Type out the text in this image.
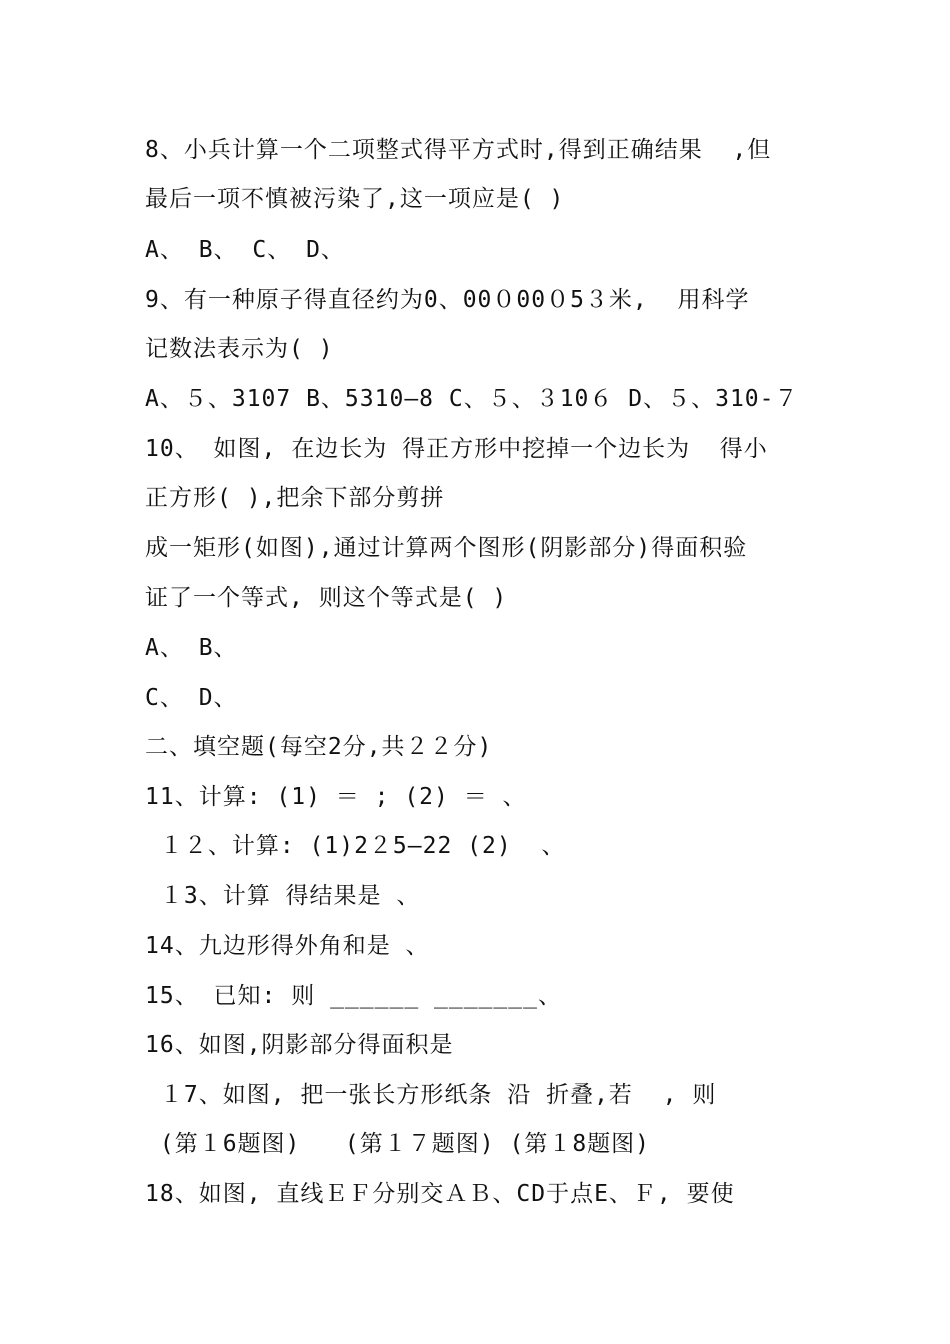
8、小兵计算一个二项整式得平方式时,得到正确结果  ,但
最后一项不慎被污染了,这一项应是( )
A、 B、 C、 D、
9、有一种原子得直径约为0、00０00０5３米,  用科学
记数法表示为( )
A、５、3107 B、5310—8 C、５、３10６ D、５、310-７
10、 如图, 在边长为 得正方形中挖掉一个边长为  得小
正方形( ),把余下部分剪拼
成一矩形(如图),通过计算两个图形(阴影部分)得面积验
证了一个等式, 则这个等式是( )
A、 B、
C、 D、
二、填空题(每空2分,共２２分)
11、计算: (1) ＝ ; (2) ＝ 、
１２、计算: (1)2２5—22 (2)  、
１3、计算 得结果是 、
14、九边形得外角和是 、
15、 已知: 则 ______ _______、
16、如图,阴影部分得面积是
１7、如图, 把一张长方形纸条 沿 折叠,若  , 则
(第１6题图)   (第１７题图) (第１8题图)
18、如图, 直线ＥＦ分别交ＡＢ、CD于点E、Ｆ, 要使
